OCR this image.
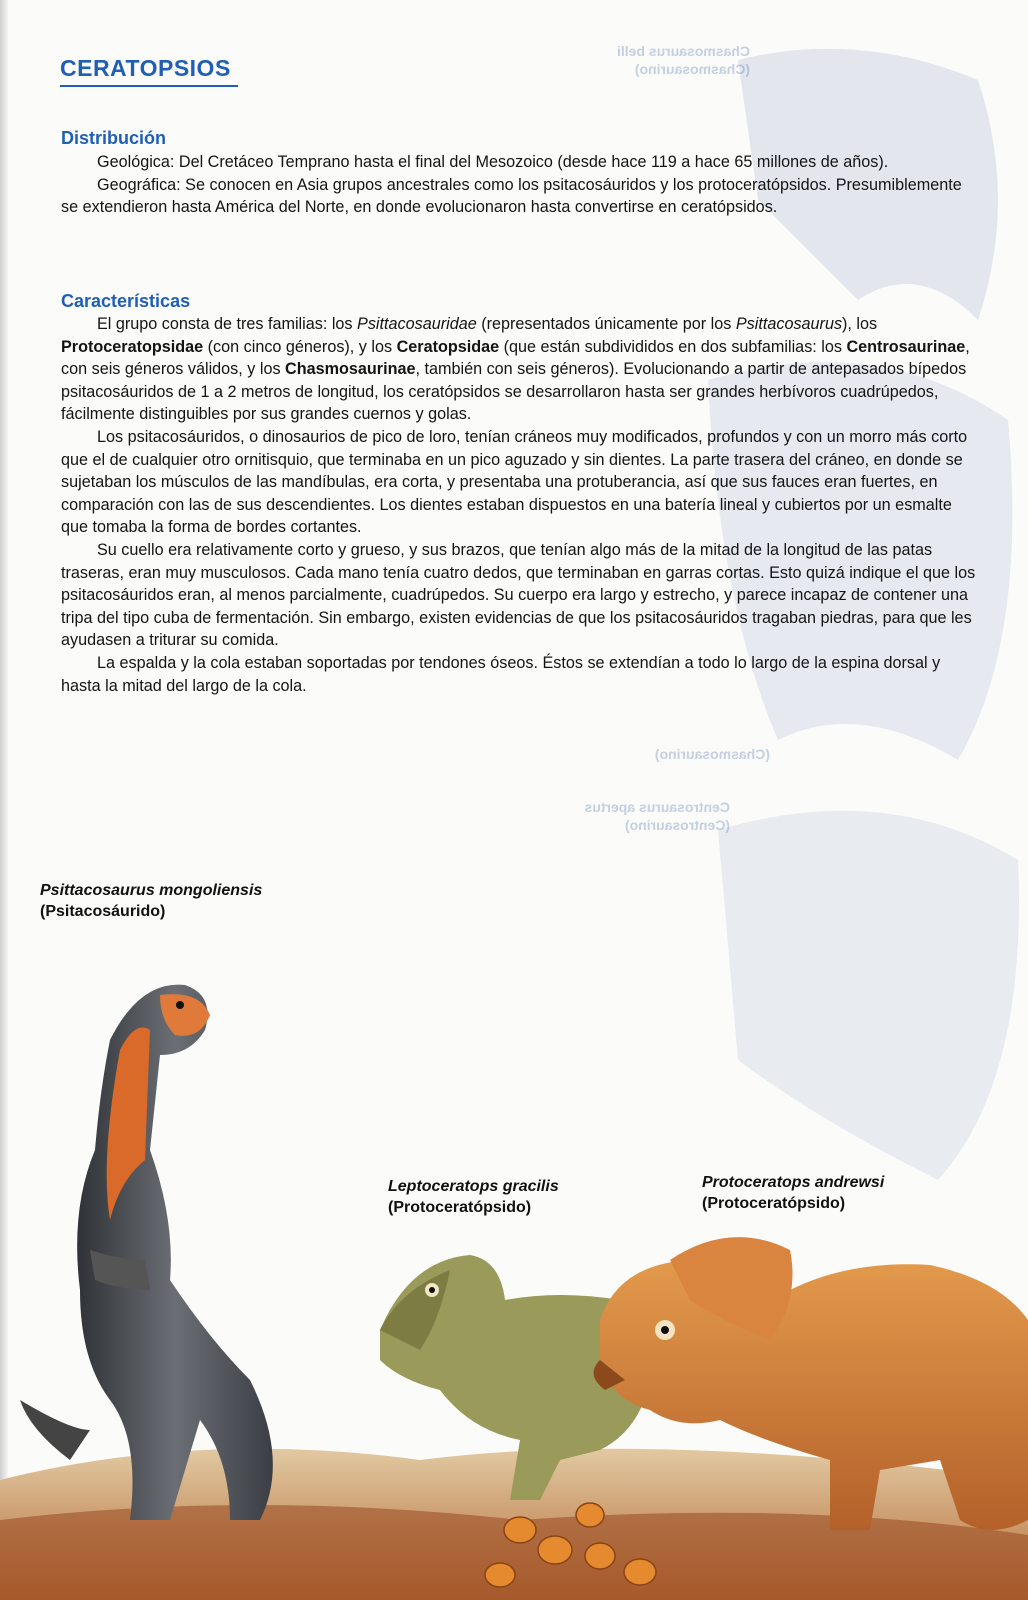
Chasmosaurus belli (Chasmosaurino)
(Chasmosaurino)
Centrosaurus apertus (Centrosaurino)
CERATOPSIOS
Distribución

Geológica: Del Cretáceo Temprano hasta el final del Mesozoico (desde hace 119 a hace 65 millones de años).

Geográfica: Se conocen en Asia grupos ancestrales como los psitacosáuridos y los protoceratópsidos. Presumiblemente se extendieron hasta América del Norte, en donde evolucionaron hasta convertirse en ceratópsidos.

Características

El grupo consta de tres familias: los Psittacosauridae (representados únicamente por los Psittacosaurus), los Protoceratopsidae (con cinco géneros), y los Ceratopsidae (que están subdivididos en dos subfamilias: los Centrosaurinae, con seis géneros válidos, y los Chasmosaurinae, también con seis géneros). Evolucionando a partir de antepasados bípedos psitacosáuridos de 1 a 2 metros de longitud, los ceratópsidos se desarrollaron hasta ser grandes herbívoros cuadrúpedos, fácilmente distinguibles por sus grandes cuernos y golas.

Los psitacosáuridos, o dinosaurios de pico de loro, tenían cráneos muy modificados, profundos y con un morro más corto que el de cualquier otro ornitisquio, que terminaba en un pico aguzado y sin dientes. La parte trasera del cráneo, en donde se sujetaban los músculos de las mandíbulas, era corta, y presentaba una protuberancia, así que sus fauces eran fuertes, en comparación con las de sus descendientes. Los dientes estaban dispuestos en una batería lineal y cubiertos por un esmalte que tomaba la forma de bordes cortantes.

Su cuello era relativamente corto y grueso, y sus brazos, que tenían algo más de la mitad de la longitud de las patas traseras, eran muy musculosos. Cada mano tenía cuatro dedos, que terminaban en garras cortas. Esto quizá indique el que los psitacosáuridos eran, al menos parcialmente, cuadrúpedos. Su cuerpo era largo y estrecho, y parece incapaz de contener una tripa del tipo cuba de fermentación. Sin embargo, existen evidencias de que los psitacosáuridos tragaban piedras, para que les ayudasen a triturar su comida.

La espalda y la cola estaban soportadas por tendones óseos. Éstos se extendían a todo lo largo de la espina dorsal y hasta la mitad del largo de la cola.

Psittacosaurus mongoliensis
(Psitacosáurido)
Leptoceratops gracilis
(Protoceratópsido)
Protoceratops andrewsi
(Protoceratópsido)
